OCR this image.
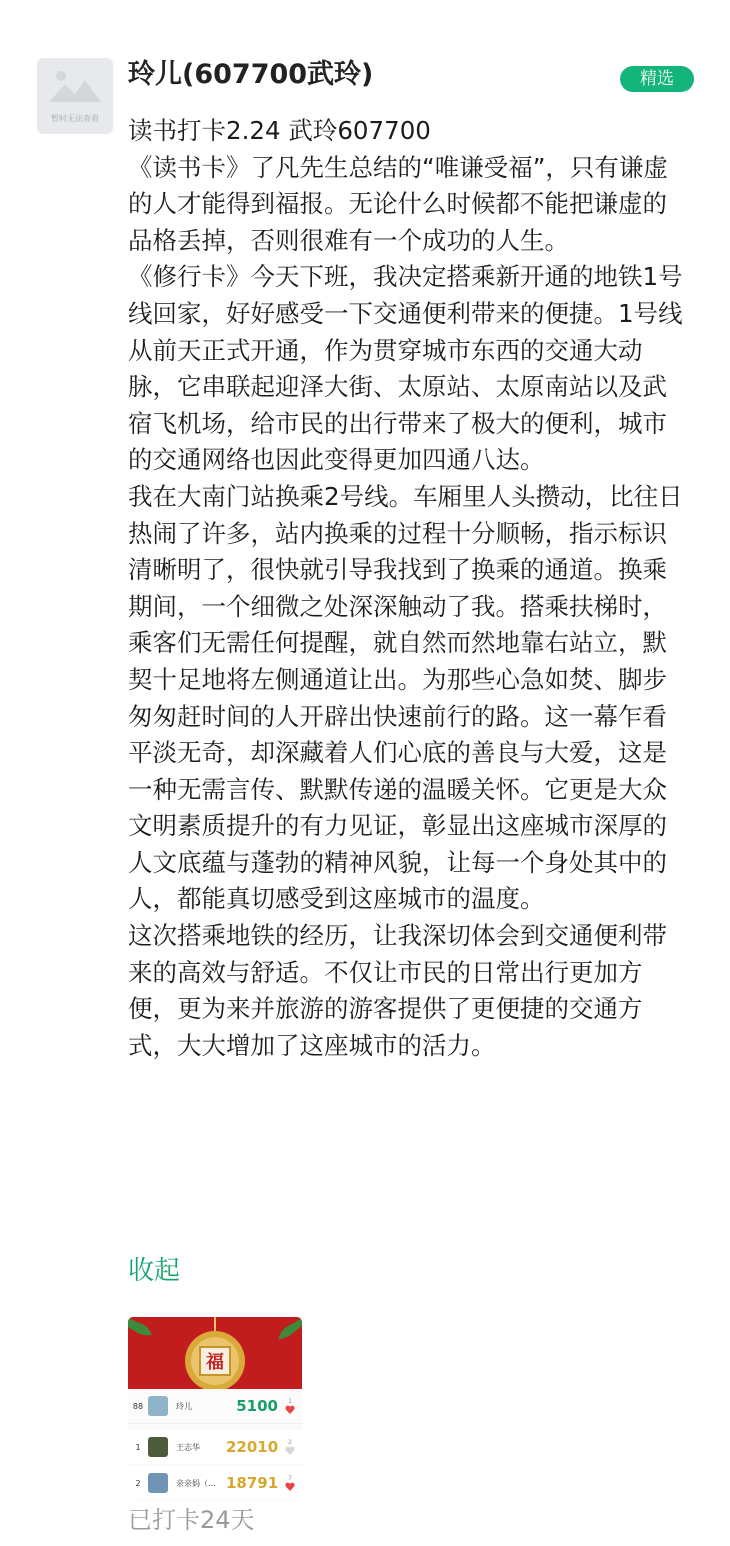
暂时无法查看
玲儿(607700武玲)	精选

读书打卡2.24 武玲607700

《读书卡》了凡先生总结的“唯谦受福”，只有谦虚的人才能得到福报。无论什么时候都不能把谦虚的品格丢掉，否则很难有一个成功的人生。

《修行卡》今天下班，我决定搭乘新开通的地铁1号线回家，好好感受一下交通便利带来的便捷。1号线从前天正式开通，作为贯穿城市东西的交通大动脉，它串联起迎泽大街、太原站、太原南站以及武宿飞机场，给市民的出行带来了极大的便利，城市的交通网络也因此变得更加四通八达。

我在大南门站换乘2号线。车厢里人头攒动，比往日热闹了许多，站内换乘的过程十分顺畅，指示标识清晰明了，很快就引导我找到了换乘的通道。换乘期间，一个细微之处深深触动了我。搭乘扶梯时，乘客们无需任何提醒，就自然而然地靠右站立，默契十足地将左侧通道让出。为那些心急如焚、脚步匆匆赶时间的人开辟出快速前行的路。这一幕乍看平淡无奇，却深藏着人们心底的善良与大爱，这是一种无需言传、默默传递的温暖关怀。它更是大众文明素质提升的有力见证，彰显出这座城市深厚的人文底蕴与蓬勃的精神风貌，让每一个身处其中的人，都能真切感受到这座城市的温度。

这次搭乘地铁的经历，让我深切体会到交通便利带来的高效与舒适。不仅让市民的日常出行更加方便，更为来并旅游的游客提供了更便捷的交通方式，大大增加了这座城市的活力。

收起
福
88	玲儿	5100 1
1	王志华	22010 2
2	亲亲妈（... 18791 7
已打卡24天
